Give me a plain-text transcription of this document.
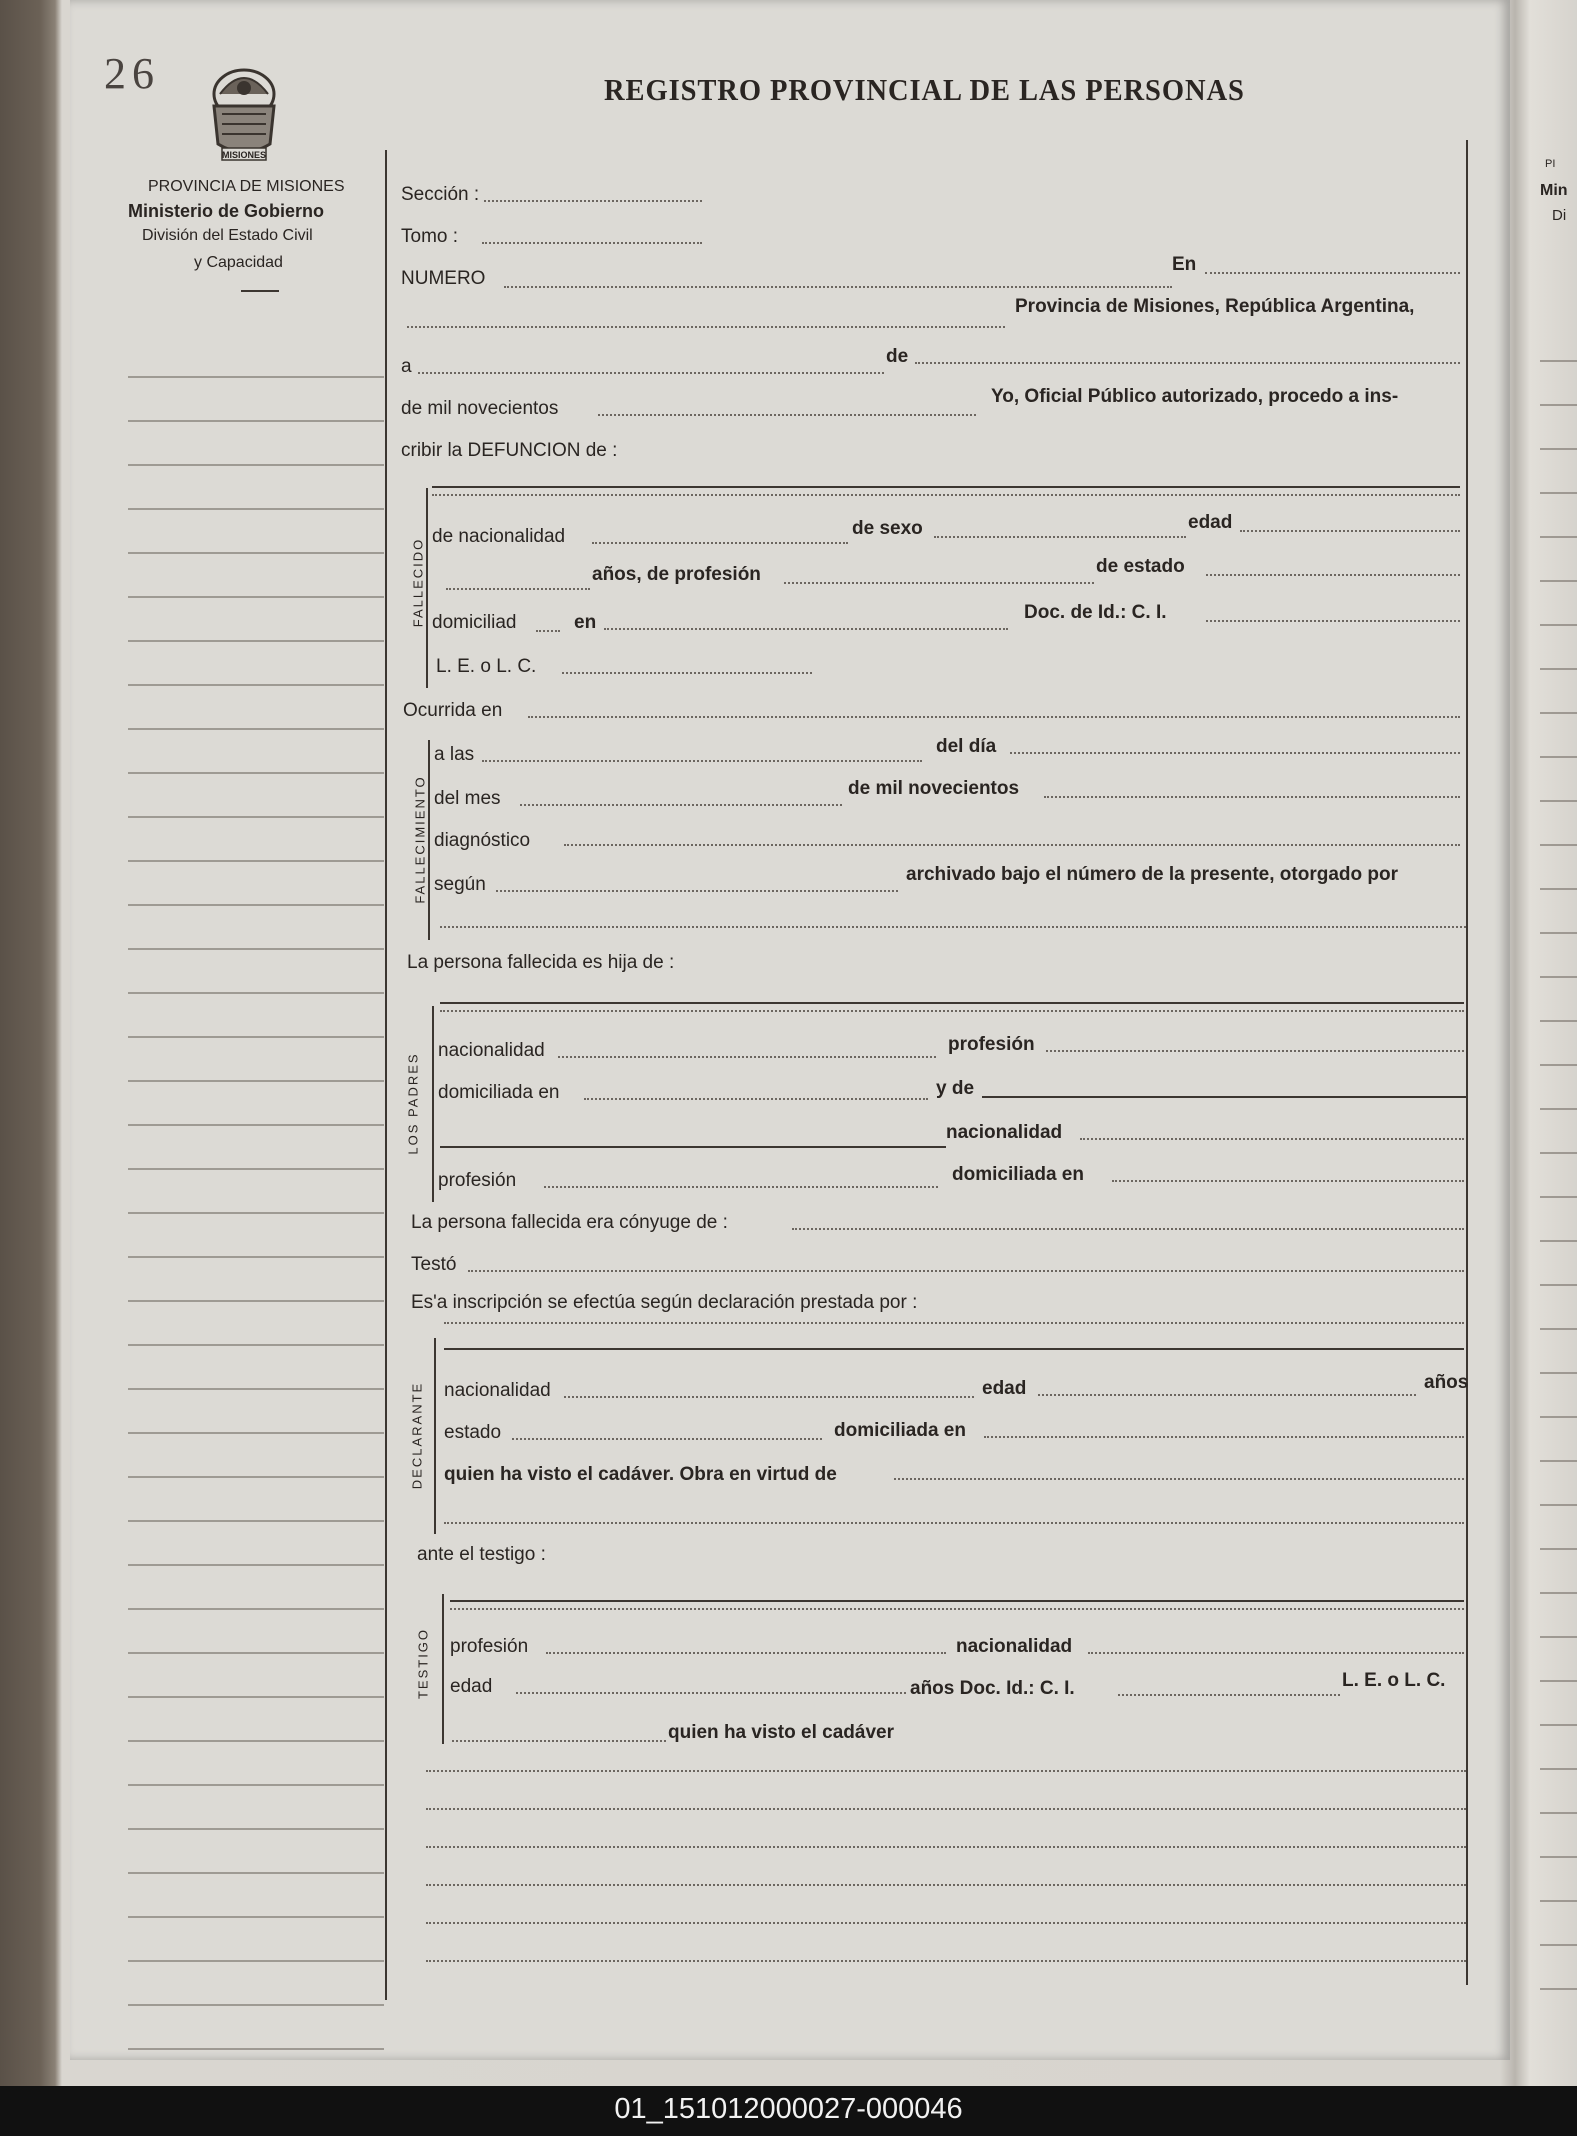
26
MISIONES
PROVINCIA DE MISIONES
Ministerio de Gobierno
División del Estado Civil
y Capacidad
REGISTRO PROVINCIAL DE LAS PERSONAS
PI
Min
Di
Sección :
Tomo :
NUMERO
En
Provincia de Misiones, República Argentina,
a	de
de mil novecientos
Yo, Oficial Público autorizado, procedo a ins-
cribir la DEFUNCION de :
FALLECIDO
de nacionalidad	de sexo	edad
años, de profesión	de estado
domiciliad	en	Doc. de Id.: C. I.
L. E. o L. C.
Ocurrida en
FALLECIMIENTO
a las	del día
del mes	de mil novecientos
diagnóstico
según	archivado bajo el número de la presente, otorgado por
La persona fallecida es hija de :
LOS PADRES
nacionalidad	profesión
domiciliada en	y de
nacionalidad
profesión	domiciliada en
La persona fallecida era cónyuge de :
Testó
Es'a inscripción se efectúa según declaración prestada por :
DECLARANTE nacionalidad	edad	años
estado	domiciliada en
quien ha visto el cadáver. Obra en virtud de
ante el testigo :
TESTIGO profesión	nacionalidad
edad	años Doc. Id.: C. I.	L. E. o L. C.
quien ha visto el cadáver
01_151012000027-000046
